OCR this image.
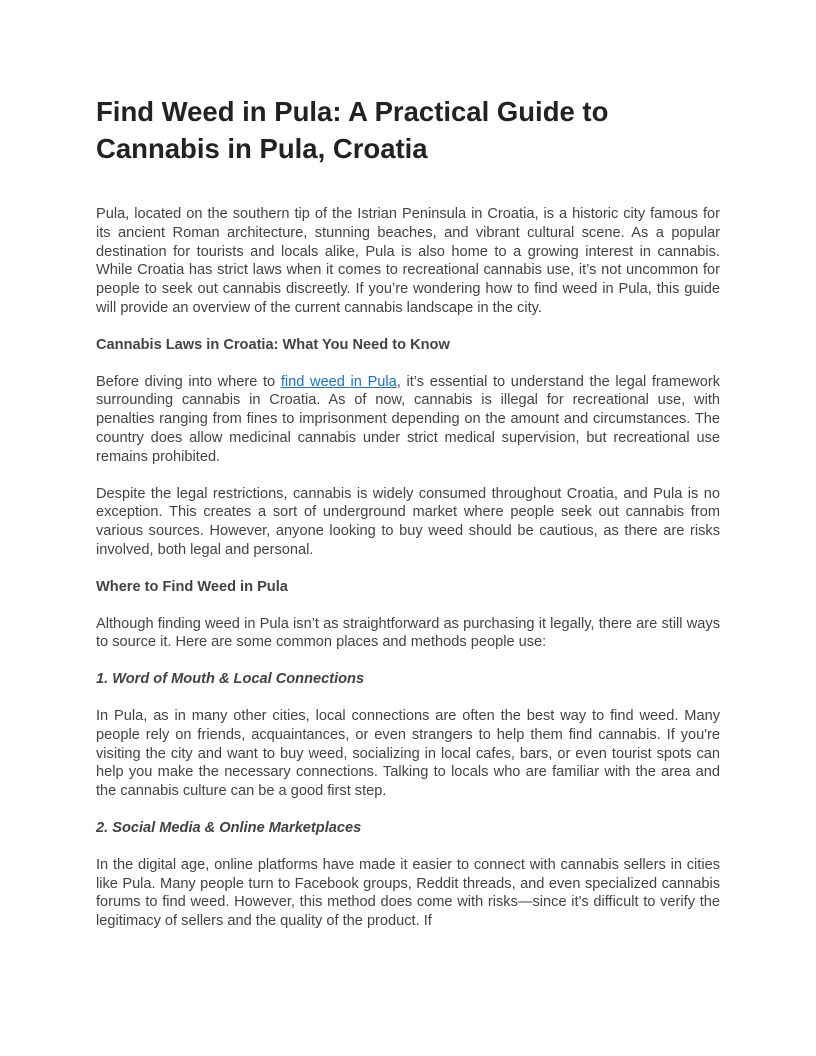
Find Weed in Pula: A Practical Guide to Cannabis in Pula, Croatia

Pula, located on the southern tip of the Istrian Peninsula in Croatia, is a historic city famous for its ancient Roman architecture, stunning beaches, and vibrant cultural scene. As a popular destination for tourists and locals alike, Pula is also home to a growing interest in cannabis. While Croatia has strict laws when it comes to recreational cannabis use, it’s not uncommon for people to seek out cannabis discreetly. If you’re wondering how to find weed in Pula, this guide will provide an overview of the current cannabis landscape in the city.

Cannabis Laws in Croatia: What You Need to Know

Before diving into where to find weed in Pula, it’s essential to understand the legal framework surrounding cannabis in Croatia. As of now, cannabis is illegal for recreational use, with penalties ranging from fines to imprisonment depending on the amount and circumstances. The country does allow medicinal cannabis under strict medical supervision, but recreational use remains prohibited.

Despite the legal restrictions, cannabis is widely consumed throughout Croatia, and Pula is no exception. This creates a sort of underground market where people seek out cannabis from various sources. However, anyone looking to buy weed should be cautious, as there are risks involved, both legal and personal.

Where to Find Weed in Pula

Although finding weed in Pula isn’t as straightforward as purchasing it legally, there are still ways to source it. Here are some common places and methods people use:

1. Word of Mouth & Local Connections

In Pula, as in many other cities, local connections are often the best way to find weed. Many people rely on friends, acquaintances, or even strangers to help them find cannabis. If you're visiting the city and want to buy weed, socializing in local cafes, bars, or even tourist spots can help you make the necessary connections. Talking to locals who are familiar with the area and the cannabis culture can be a good first step.

2. Social Media & Online Marketplaces

In the digital age, online platforms have made it easier to connect with cannabis sellers in cities like Pula. Many people turn to Facebook groups, Reddit threads, and even specialized cannabis forums to find weed. However, this method does come with risks—since it's difficult to verify the legitimacy of sellers and the quality of the product. If
